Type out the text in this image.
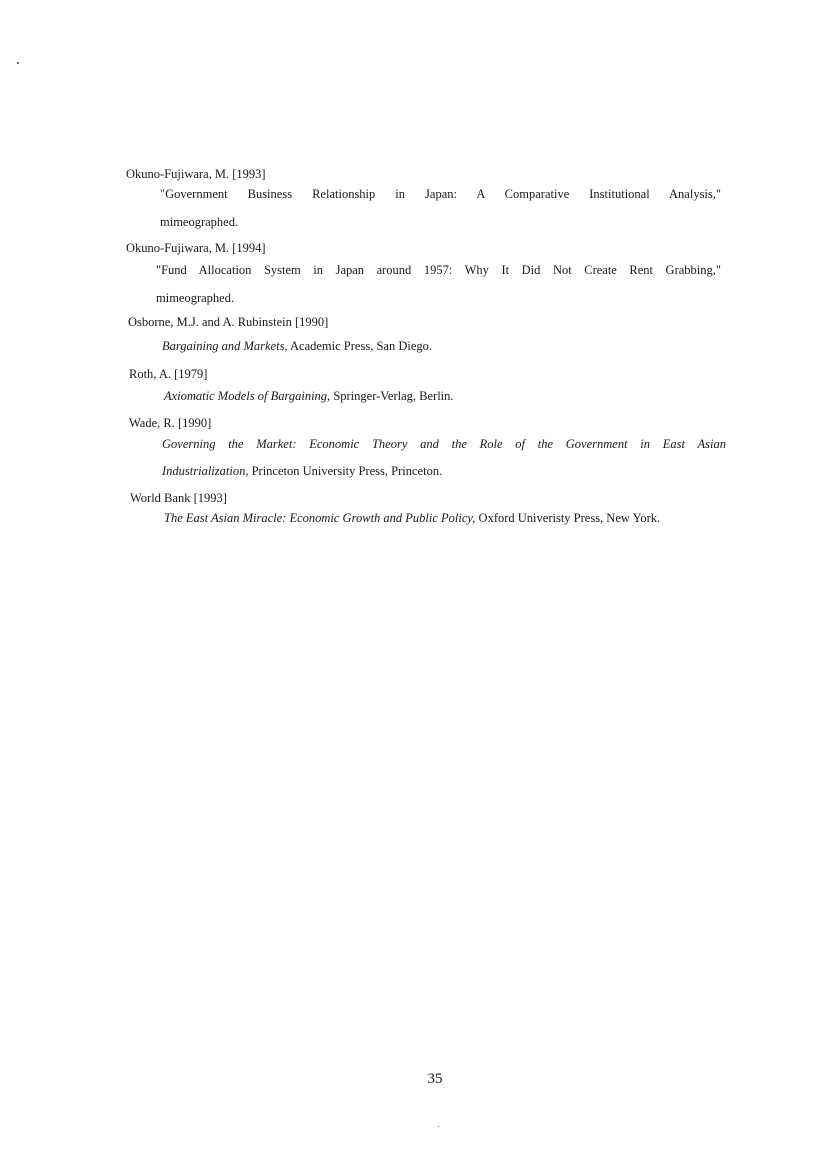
Okuno-Fujiwara, M. [1993]
"Government Business Relationship in Japan: A Comparative Institutional Analysis,"
mimeographed.
Okuno-Fujiwara, M. [1994]
"Fund Allocation System in Japan around 1957: Why It Did Not Create Rent Grabbing,"
mimeographed.
Osborne, M.J. and A. Rubinstein [1990]
Bargaining and Markets, Academic Press, San Diego.
Roth, A. [1979]
Axiomatic Models of Bargaining, Springer-Verlag, Berlin.
Wade, R. [1990]
Governing the Market: Economic Theory and the Role of the Government in East Asian
Industrialization, Princeton University Press, Princeton.
World Bank [1993]
The East Asian Miracle: Economic Growth and Public Policy, Oxford Univeristy Press, New York.
35
